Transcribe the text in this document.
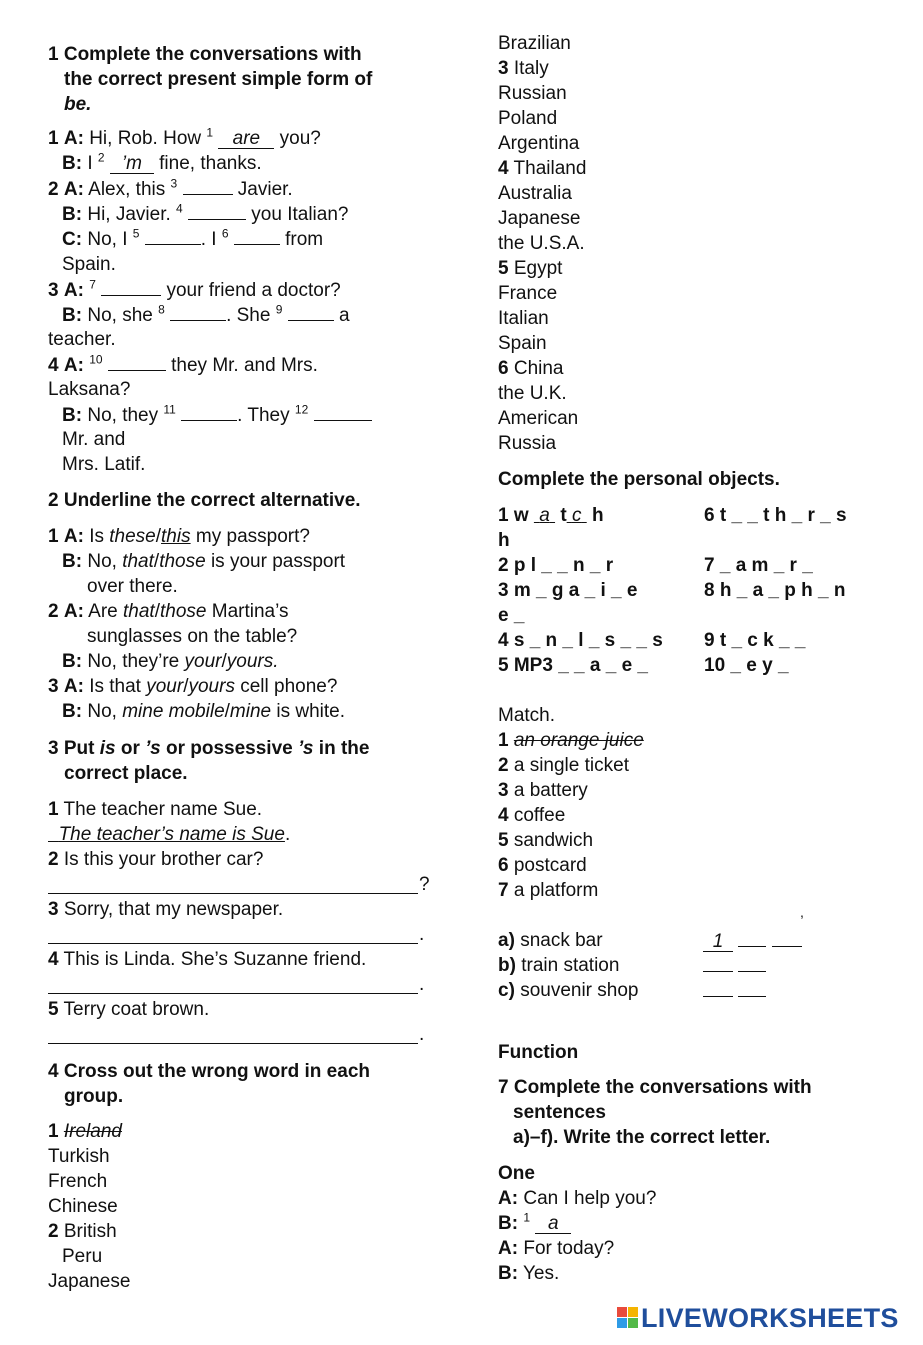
1 Complete the conversations with
the correct present simple form of
be.
1 A: Hi, Rob. How $^1$ are you?
B: I $^2$ ’m fine, thanks.
2 A: Alex, this $^3$	Javier.
B: Hi, Javier. $^4$	you Italian?
C: No, I $^5$	. I $^6$	from
Spain.
3 A: $^7$	your friend a doctor?
B: No, she $^8$	. She $^9$	a
teacher.
4 A: $^{10}$	they Mr. and Mrs.
Laksana?
B: No, they $^{11}$	. They $^{12}$
Mr. and
Mrs. Latif.
2 Underline the correct alternative.
1 A: Is these/this my passport?
B: No, that/those is your passport
over there.
2 A: Are that/those Martina’s
sunglasses on the table?
B: No, they’re your/yours.
3 A: Is that your/yours cell phone?
B: No, mine mobile/mine is white.
3 Put is or ’s or possessive ’s in the
correct place.
1 The teacher name Sue.
The teacher’s name is Sue.
2 Is this your brother car?
?
3 Sorry, that my newspaper.
.
4 This is Linda. She’s Suzanne friend.
.
5 Terry coat brown.
.
4 Cross out the wrong word in each
group.
1 Ireland
Turkish
French
Chinese
2 British
Peru
Japanese
Brazilian
3 Italy
Russian
Poland
Argentina
4 Thailand
Australia
Japanese
the U.S.A.
5 Egypt
France
Italian
Spain
6 China
the U.K.
American
Russia
Complete the personal objects.
1 w a t c h	6 t _ _ t h _ r _ s
h
2 p l _ _ n _ r	7 _ a m _ r _
3 m _ g a _ i _ e	8 h _ a _ p h _ n
e _
4 s _ n _ l _ s _ _ s 9 t _ c k _ _
5 MP3 _ _ a _ e _	10 _ e y _
Match.
1 an orange juice
2 a single ticket
3 a battery
4 coffee
5 sandwich
6 postcard
7 a platform
,
a) snack bar	1
b) train station

c) souvenir shop

Function
7 Complete the conversations with
sentences
a)–f). Write the correct letter.
One
A: Can I help you?
B: $^1$ a
A: For today?
B: Yes.
LIVEWORKSHEETS
